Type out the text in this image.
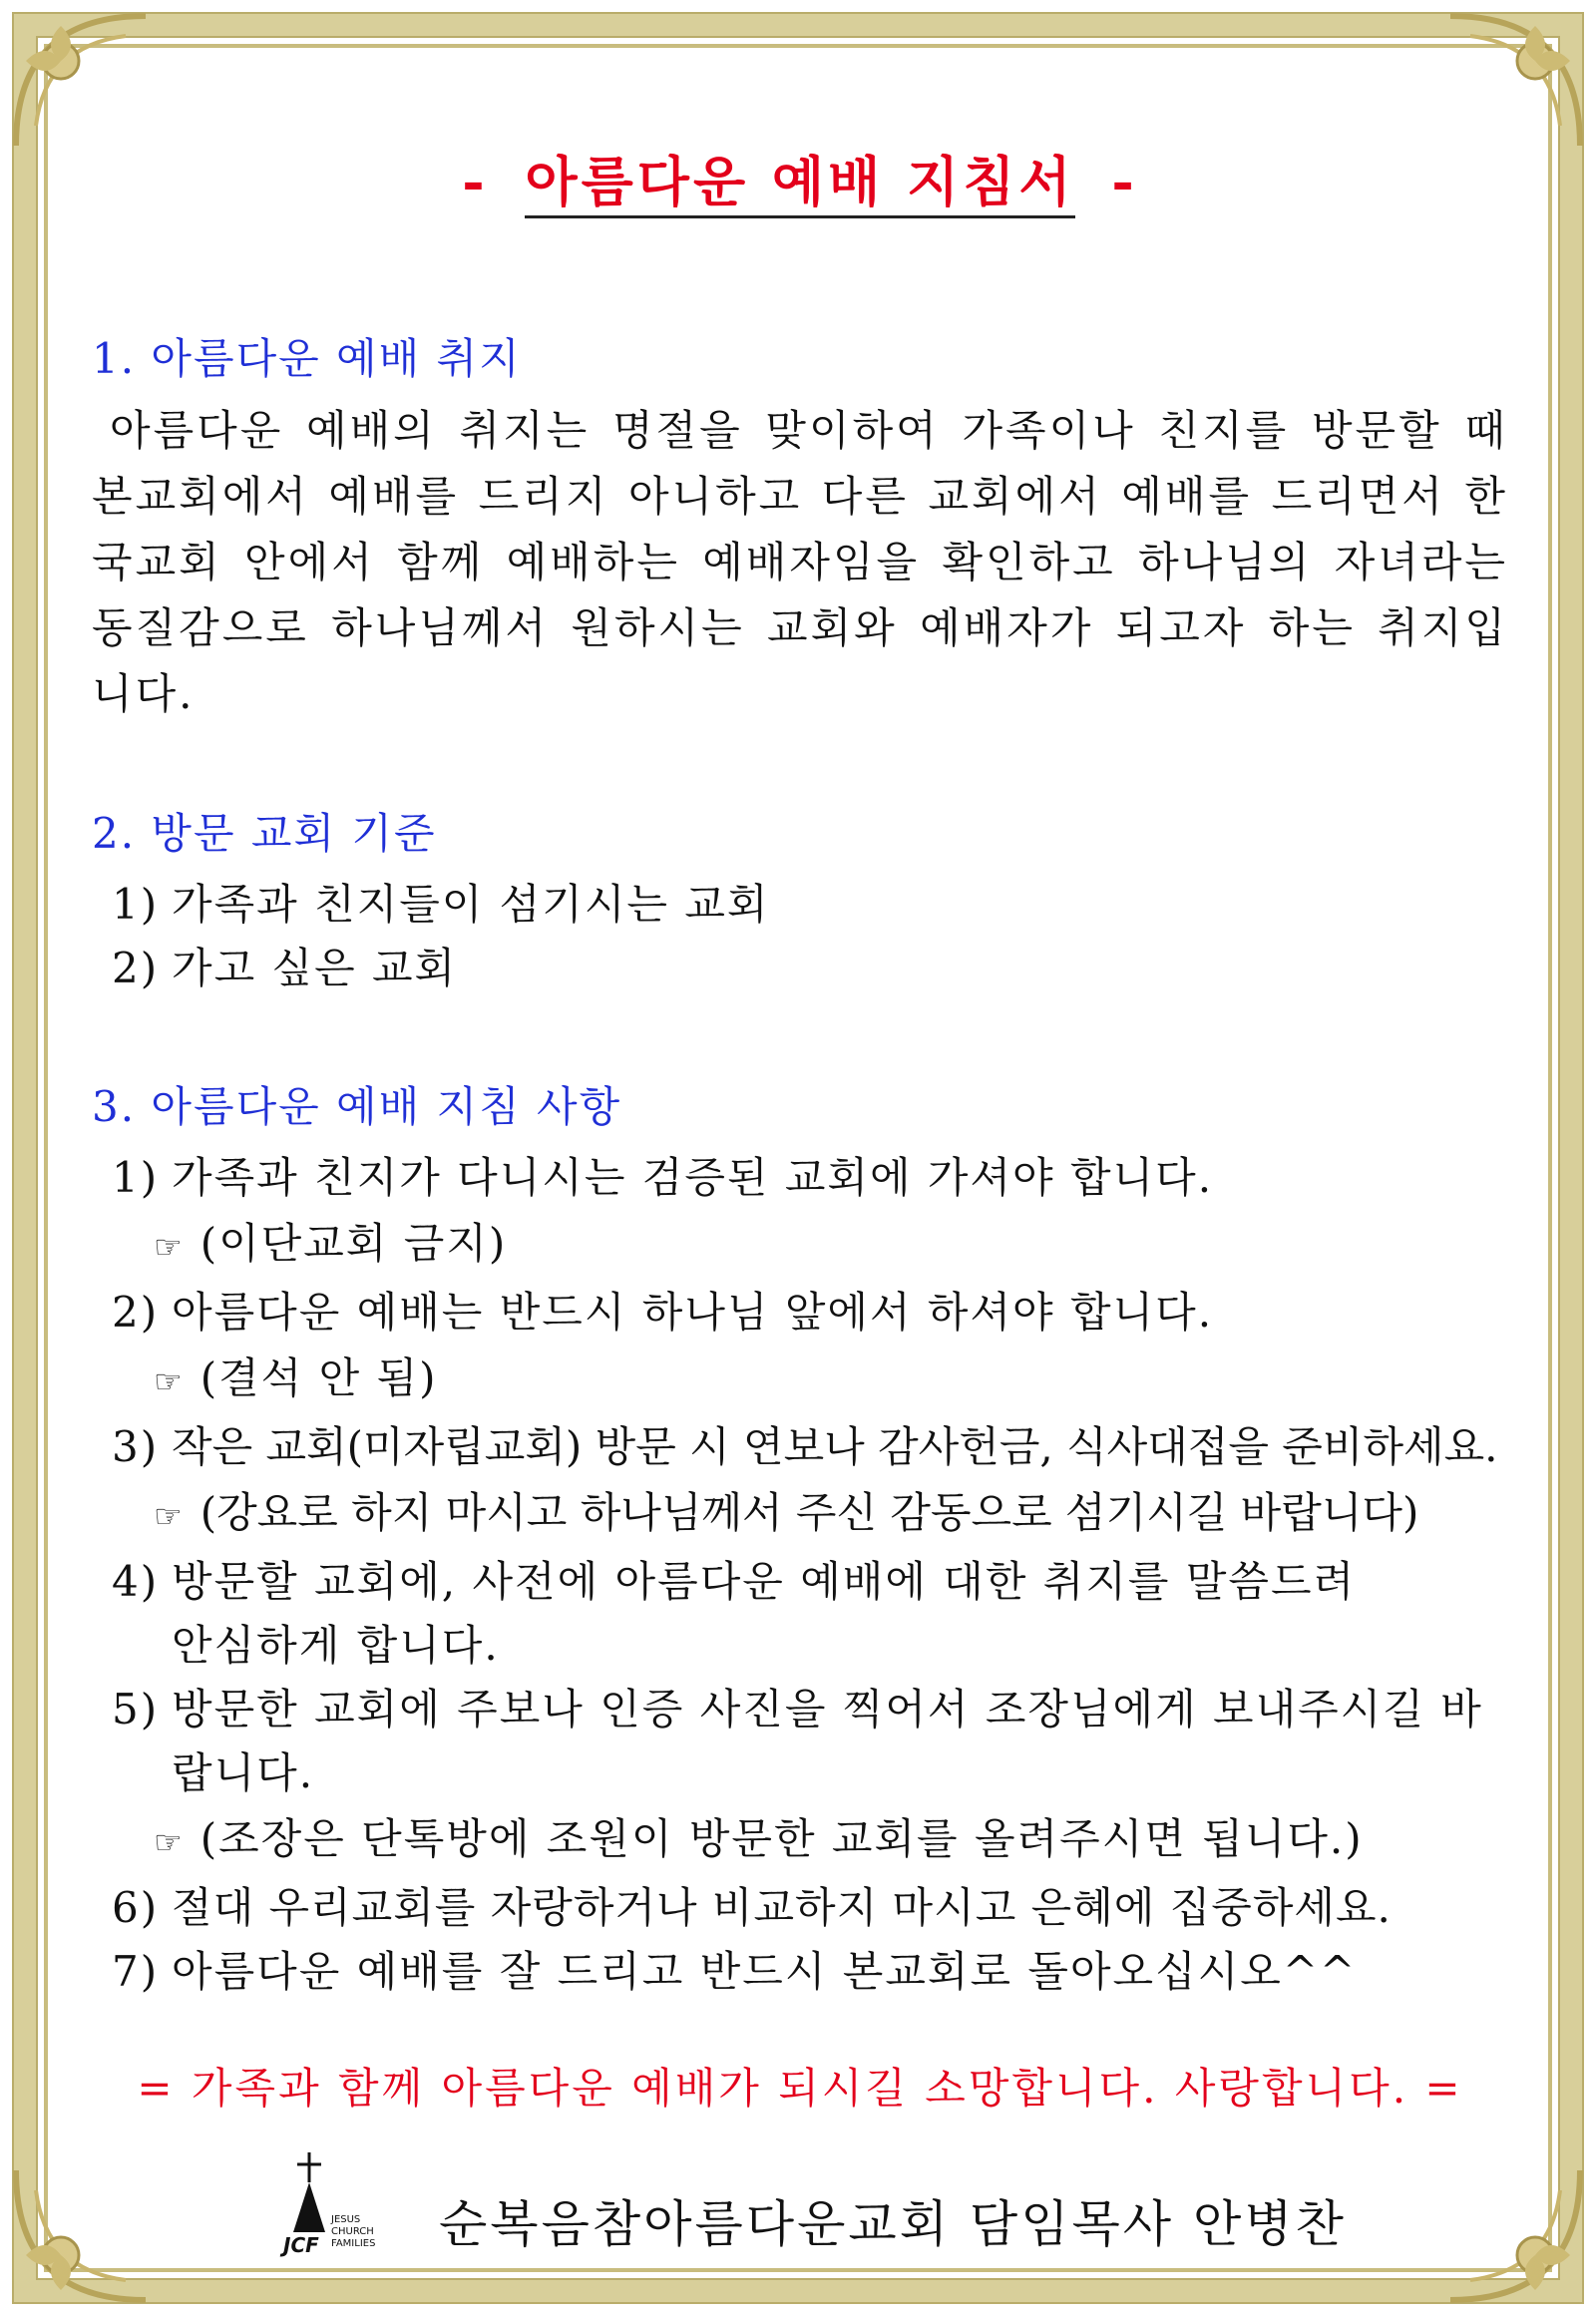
- 아름다운 예배 지침서 -
1. 아름다운 예배 취지

아름다운 예배의 취지는 명절을 맞이하여 가족이나 친지를 방문할 때 본교회에서 예배를 드리지 아니하고 다른 교회에서 예배를 드리면서 한국교회 안에서 함께 예배하는 예배자임을 확인하고 하나님의 자녀라는 동질감으로 하나님께서 원하시는 교회와 예배자가 되고자 하는 취지입니다.

2. 방문 교회 기준
1) 가족과 친지들이 섬기시는 교회
2) 가고 싶은 교회
3. 아름다운 예배 지침 사항
1) 가족과 친지가 다니시는 검증된 교회에 가셔야 합니다.
☞ (이단교회 금지)
2) 아름다운 예배는 반드시 하나님 앞에서 하셔야 합니다.
☞ (결석 안 됨)
3) 작은 교회(미자립교회) 방문 시 연보나 감사헌금, 식사대접을 준비하세요.
☞ (강요로 하지 마시고 하나님께서 주신 감동으로 섬기시길 바랍니다)
4) 방문할 교회에, 사전에 아름다운 예배에 대한 취지를 말씀드려 안심하게 합니다.
5) 방문한 교회에 주보나 인증 사진을 찍어서 조장님에게 보내주시길 바랍니다.
☞ (조장은 단톡방에 조원이 방문한 교회를 올려주시면 됩니다.)
6) 절대 우리교회를 자랑하거나 비교하지 마시고 은혜에 집중하세요.
7) 아름다운 예배를 잘 드리고 반드시 본교회로 돌아오십시오^^
= 가족과 함께 아름다운 예배가 되시길 소망합니다. 사랑합니다. =
JCF
JESUS
CHURCH
FAMILIES 순복음참아름다운교회 담임목사 안병찬
